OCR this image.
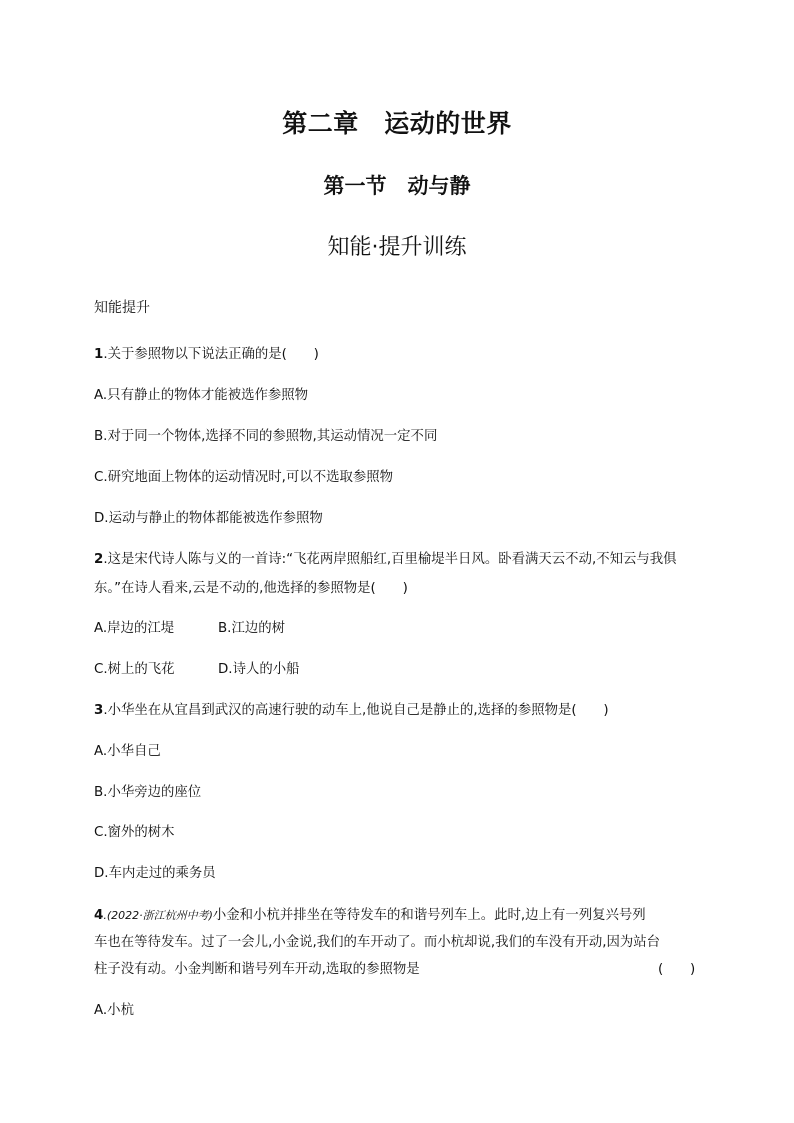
第二章　运动的世界
第一节　动与静
知能·提升训练
知能提升
1.关于参照物以下说法正确的是(　　)
A.只有静止的物体才能被选作参照物
B.对于同一个物体,选择不同的参照物,其运动情况一定不同
C.研究地面上物体的运动情况时,可以不选取参照物
D.运动与静止的物体都能被选作参照物
2.这是宋代诗人陈与义的一首诗:“飞花两岸照船红,百里榆堤半日风。卧看满天云不动,不知云与我俱
东。”在诗人看来,云是不动的,他选择的参照物是(　　)
A.岸边的江堤	B.江边的树
C.树上的飞花	D.诗人的小船
3.小华坐在从宜昌到武汉的高速行驶的动车上,他说自己是静止的,选择的参照物是(　　)
A.小华自己
B.小华旁边的座位
C.窗外的树木
D.车内走过的乘务员
4.(2022·浙江杭州中考)小金和小杭并排坐在等待发车的和谐号列车上。此时,边上有一列复兴号列
车也在等待发车。过了一会儿,小金说,我们的车开动了。而小杭却说,我们的车没有开动,因为站台
柱子没有动。小金判断和谐号列车开动,选取的参照物是	(　　)
A.小杭
